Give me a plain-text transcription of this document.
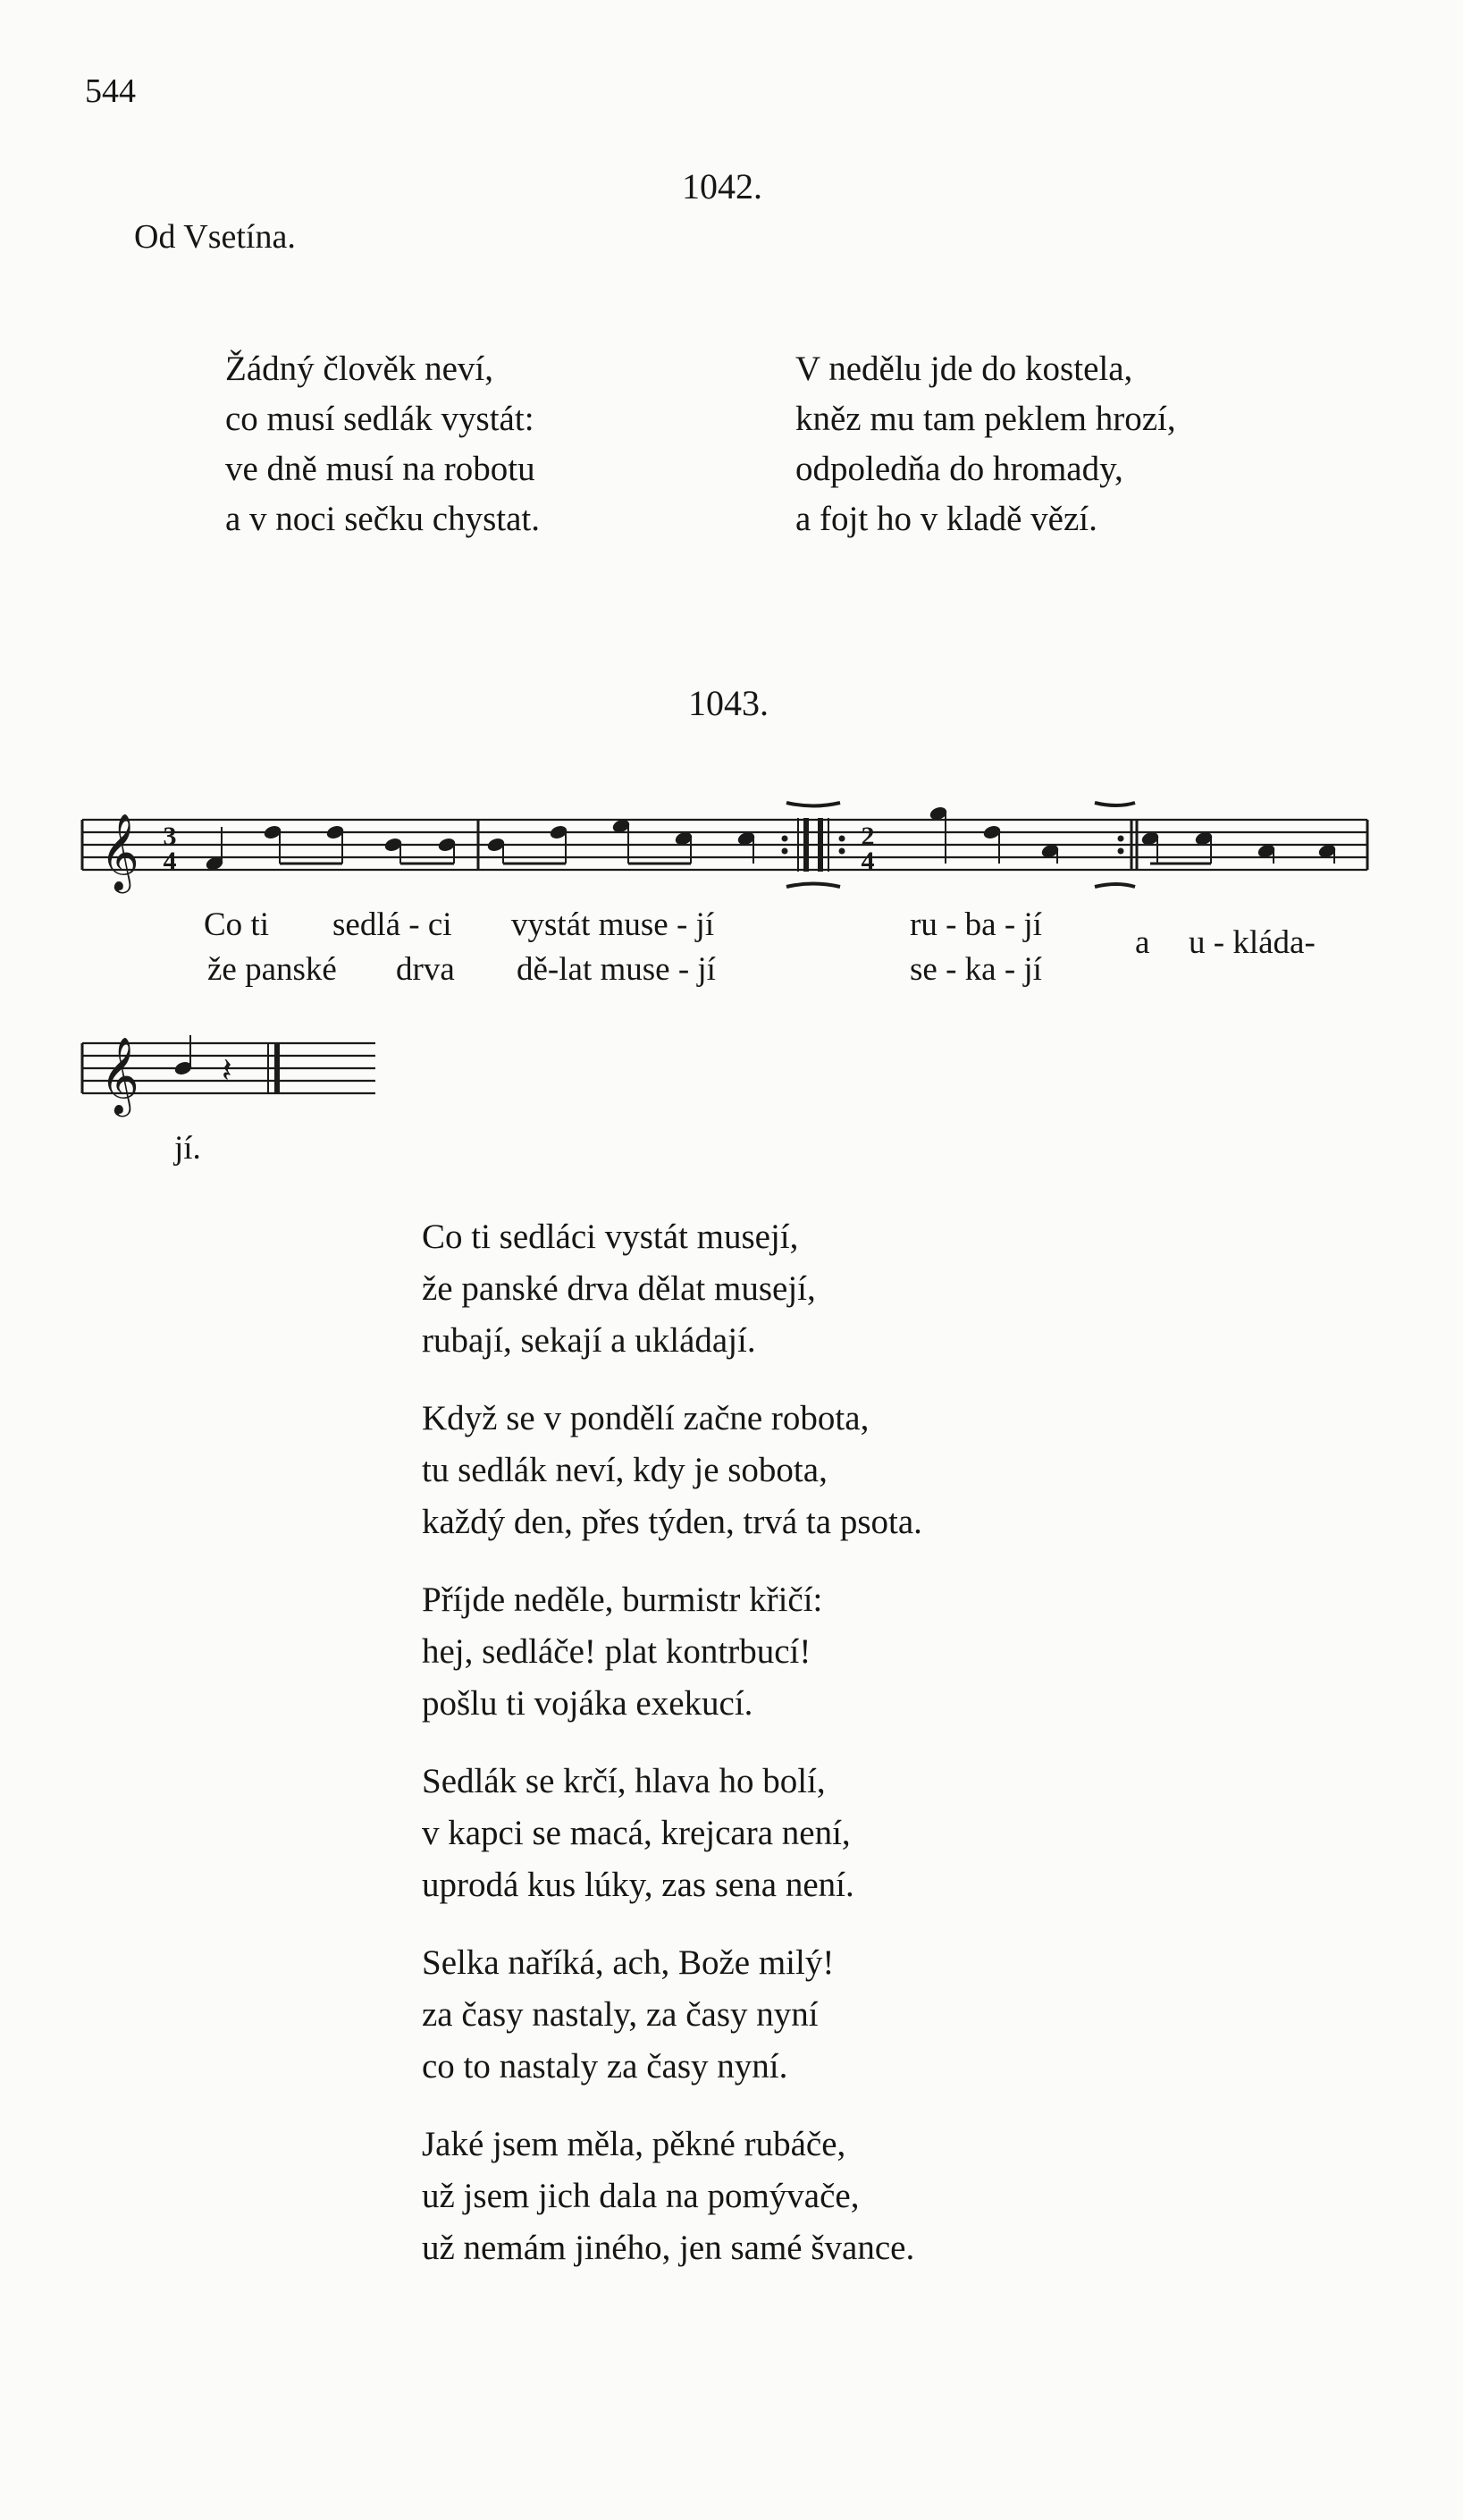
544
1042.
Od Vsetína.
Žádný člověk neví,
co musí sedlák vystát:
ve dně musí na robotu
a v noci sečku chystat.
V nedělu jde do kostela,
kněz mu tam peklem hrozí,
odpoledňa do hromady,
a fojt ho v kladě vězí.
1043.
𝄞 3
4
2
4
𝄞 𝄽
Co ti sedlá - ci vystát muse - jí	ru - ba - jí	a u - kláda-
že panské drva dě-lat muse - jí	se - ka - jí
jí.
Co ti sedláci vystát musejí,
že panské drva dělat musejí,
rubají, sekají a ukládají.
Když se v pondělí začne robota,
tu sedlák neví, kdy je sobota,
každý den, přes týden, trvá ta psota.
Příjde neděle, burmistr křičí:
hej, sedláče! plat kontrbucí!
pošlu ti vojáka exekucí.
Sedlák se krčí, hlava ho bolí,
v kapci se macá, krejcara není,
uprodá kus lúky, zas sena není.
Selka naříká, ach, Bože milý!
za časy nastaly, za časy nyní
co to nastaly za časy nyní.
Jaké jsem měla, pěkné rubáče,
už jsem jich dala na pomývače,
už nemám jiného, jen samé švance.
